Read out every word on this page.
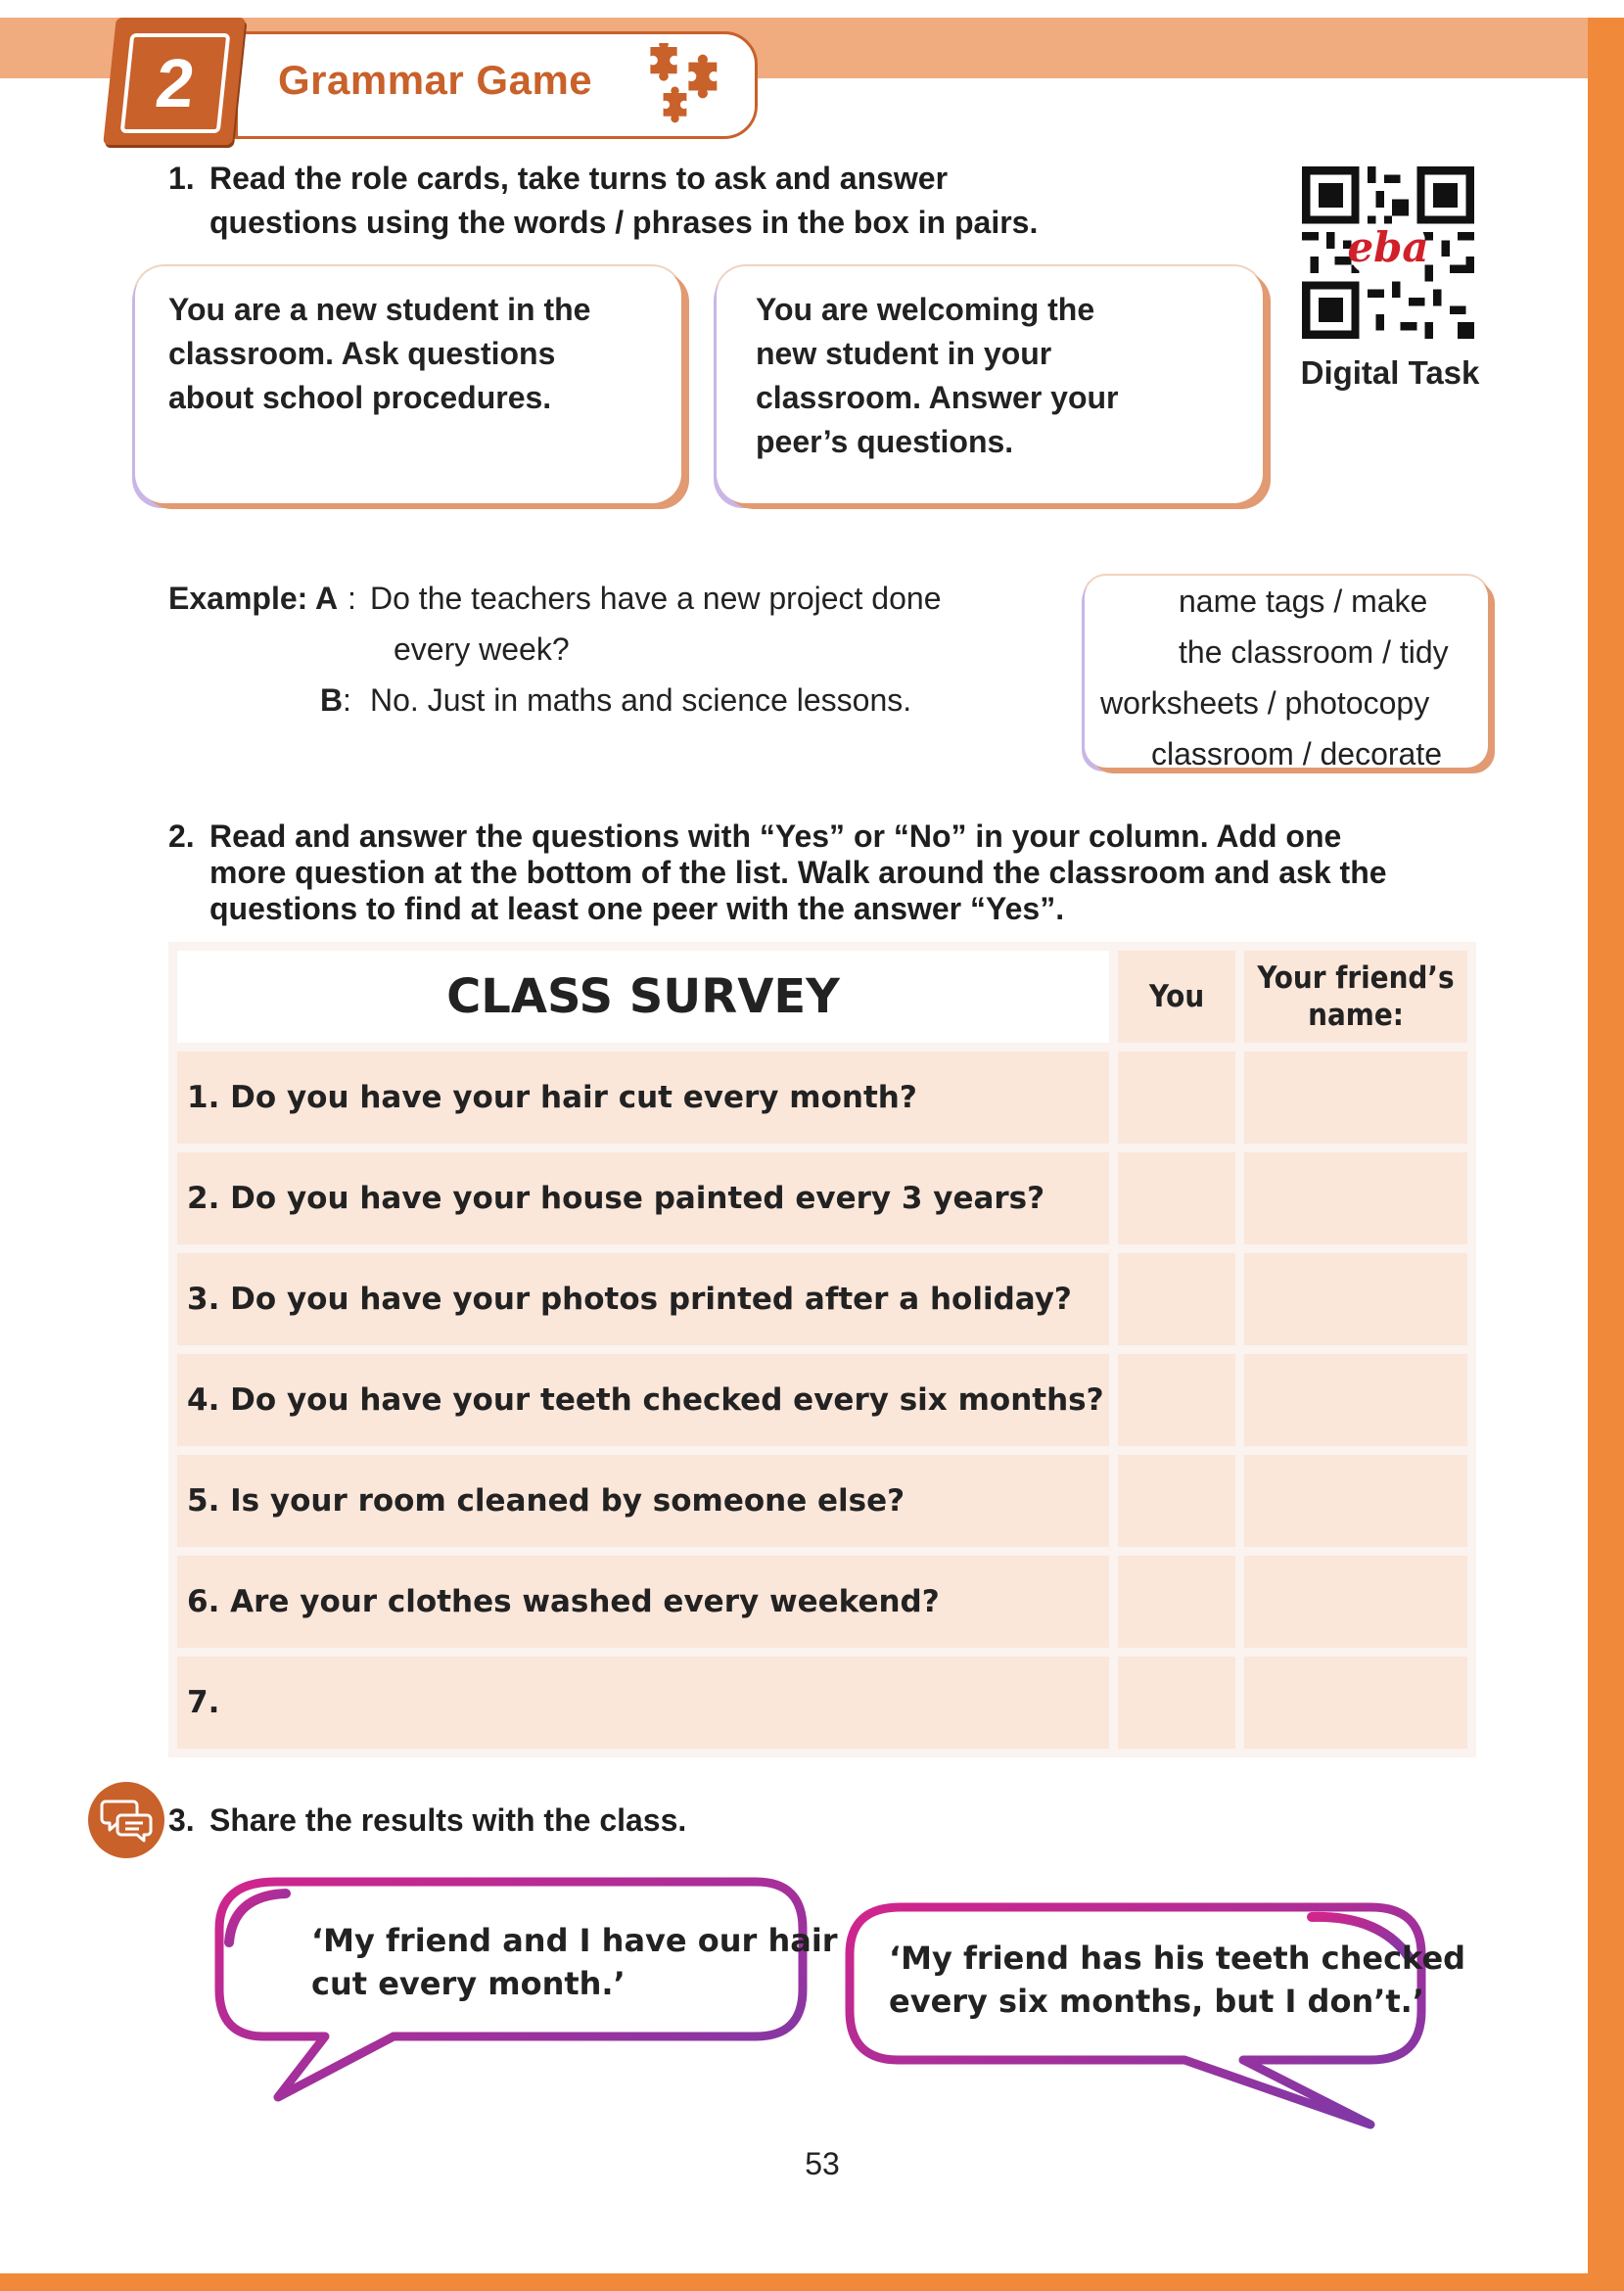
2	Grammar Game
1. Read the role cards, take turns to ask and answer
questions using the words / phrases in the box in pairs.
You are a new student in the
classroom. Ask questions
about school procedures.
You are welcoming the
new student in your
classroom. Answer your
peer’s questions.
eba
Digital Task
Example: A : Do the teachers have a new project done
every week?
B : No. Just in maths and science lessons.
name tags / make
the classroom / tidy
worksheets / photocopy
classroom / decorate
2. Read and answer the questions with “Yes” or “No” in your column. Add one
more question at the bottom of the list. Walk around the classroom and ask the
questions to find at least one peer with the answer “Yes”.
CLASS SURVEY	You	Your friend’s
name:

1. Do you have your hair cut every month?		
2. Do you have your house painted every 3 years?		
3. Do you have your photos printed after a holiday?		
4. Do you have your teeth checked every six months?		
5. Is your room cleaned by someone else?		
6. Are your clothes washed every weekend?		
7.		
3. Share the results with the class.
‘My friend and I have our hair
cut every month.’
‘My friend has his teeth checked
every six months, but I don’t.’
53
